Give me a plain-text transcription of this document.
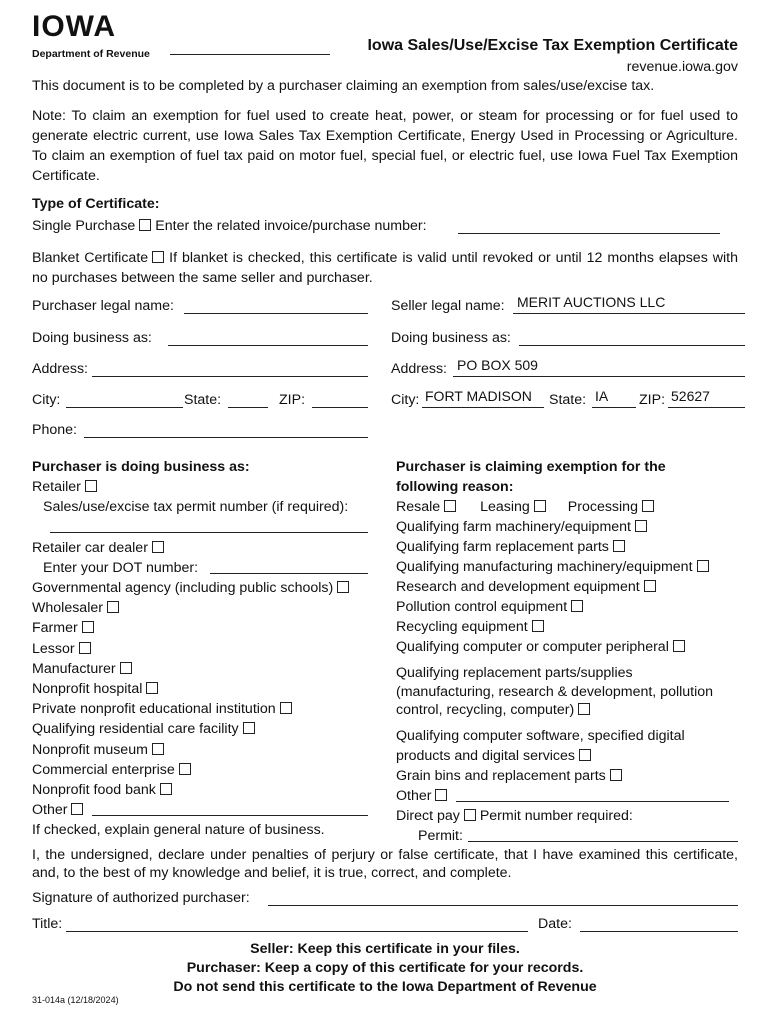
IOWA
Department of Revenue	Iowa Sales/Use/Excise Tax Exemption Certificate
revenue.iowa.gov
This document is to be completed by a purchaser claiming an exemption from sales/use/excise tax.
Note: To claim an exemption for fuel used to create heat, power, or steam for processing or for fuel used to generate electric current, use Iowa Sales Tax Exemption Certificate, Energy Used in Processing or Agriculture. To claim an exemption of fuel tax paid on motor fuel, special fuel, or electric fuel, use Iowa Fuel Tax Exemption Certificate.
Type of Certificate:
Single Purchase Enter the related invoice/purchase number:
Blanket Certificate If blanket is checked, this certificate is valid until revoked or until 12 months elapses with no purchases between the same seller and purchaser.
Purchaser legal name:
Doing business as:
Address:
City:	State:	ZIP:
Phone:
Seller legal name: MERIT AUCTIONS LLC
Doing business as:
Address: PO BOX 509
City: FORT MADISON State: IA ZIP: 52627
Purchaser is doing business as:
Retailer
Sales/use/excise tax permit number (if required):
Retailer car dealer
Enter your DOT number:
Governmental agency (including public schools)
Wholesaler
Farmer
Lessor
Manufacturer
Nonprofit hospital
Private nonprofit educational institution
Qualifying residential care facility
Nonprofit museum
Commercial enterprise
Nonprofit food bank
Other
If checked, explain general nature of business.
Purchaser is claiming exemption for the
following reason:
Resale	Leasing	Processing
Qualifying farm machinery/equipment
Qualifying farm replacement parts
Qualifying manufacturing machinery/equipment
Research and development equipment
Pollution control equipment
Recycling equipment
Qualifying computer or computer peripheral
Qualifying replacement parts/supplies
(manufacturing, research & development, pollution
control, recycling, computer)
Qualifying computer software, specified digital
products and digital services
Grain bins and replacement parts
Other
Direct pay Permit number required:
Permit:
I, the undersigned, declare under penalties of perjury or false certificate, that I have examined this certificate, and, to the best of my knowledge and belief, it is true, correct, and complete.
Signature of authorized purchaser:
Title:	Date:
Seller: Keep this certificate in your files.
Purchaser: Keep a copy of this certificate for your records.
Do not send this certificate to the Iowa Department of Revenue
31-014a (12/18/2024)
